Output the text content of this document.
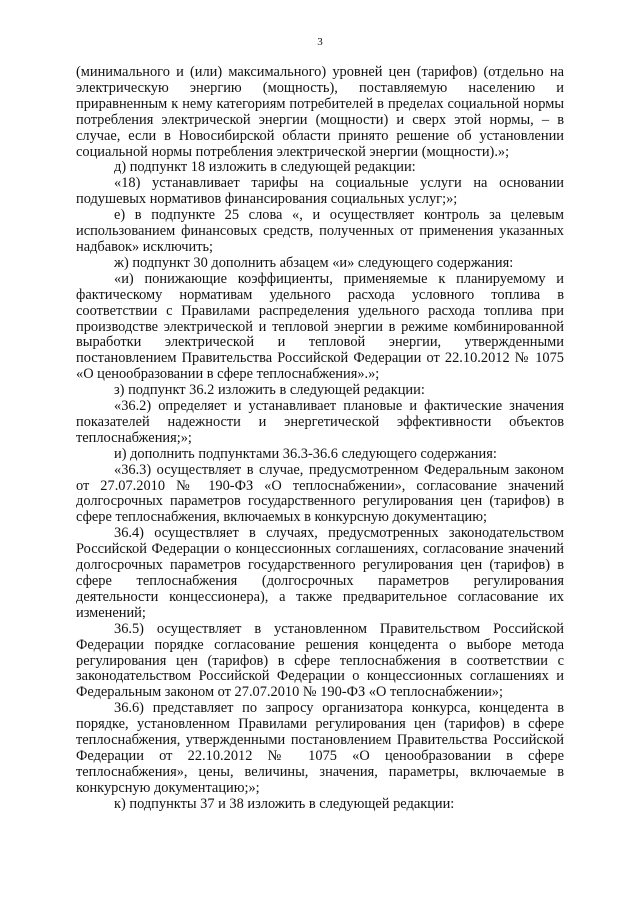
3

(минимального и (или) максимального) уровней цен (тарифов) (отдельно на электрическую энергию (мощность), поставляемую населению и приравненным к нему категориям потребителей в пределах социальной нормы потребления электрической энергии (мощности) и сверх этой нормы, – в случае, если в Новосибирской области принято решение об установлении социальной нормы потребления электрической энергии (мощности).»;

д) подпункт 18 изложить в следующей редакции:

«18) устанавливает тарифы на социальные услуги на основании подушевых нормативов финансирования социальных услуг;»;

е) в подпункте 25 слова «, и осуществляет контроль за целевым использованием финансовых средств, полученных от применения указанных надбавок» исключить;

ж) подпункт 30 дополнить абзацем «и» следующего содержания:

«и) понижающие коэффициенты, применяемые к планируемому и фактическому нормативам удельного расхода условного топлива в соответствии с Правилами распределения удельного расхода топлива при производстве электрической и тепловой энергии в режиме комбинированной выработки электрической и тепловой энергии, утвержденными постановлением Правительства Российской Федерации от 22.10.2012 № 1075 «О ценообразовании в сфере теплоснабжения».»;

з) подпункт 36.2 изложить в следующей редакции:

«36.2) определяет и устанавливает плановые и фактические значения показателей надежности и энергетической эффективности объектов теплоснабжения;»;

и) дополнить подпунктами 36.3-36.6 следующего содержания:

«36.3) осуществляет в случае, предусмотренном Федеральным законом от 27.07.2010 № 190-ФЗ «О теплоснабжении», согласование значений долгосрочных параметров государственного регулирования цен (тарифов) в сфере теплоснабжения, включаемых в конкурсную документацию;

36.4) осуществляет в случаях, предусмотренных законодательством Российской Федерации о концессионных соглашениях, согласование значений долгосрочных параметров государственного регулирования цен (тарифов) в сфере теплоснабжения (долгосрочных параметров регулирования деятельности концессионера), а также предварительное согласование их изменений;

36.5) осуществляет в установленном Правительством Российской Федерации порядке согласование решения концедента о выборе метода регулирования цен (тарифов) в сфере теплоснабжения в соответствии с законодательством Российской Федерации о концессионных соглашениях и Федеральным законом от 27.07.2010 № 190-ФЗ «О теплоснабжении»;

36.6) представляет по запросу организатора конкурса, концедента в порядке, установленном Правилами регулирования цен (тарифов) в сфере теплоснабжения, утвержденными постановлением Правительства Российской Федерации от 22.10.2012 № 1075 «О ценообразовании в сфере теплоснабжения», цены, величины, значения, параметры, включаемые в конкурсную документацию;»;

к) подпункты 37 и 38 изложить в следующей редакции:
